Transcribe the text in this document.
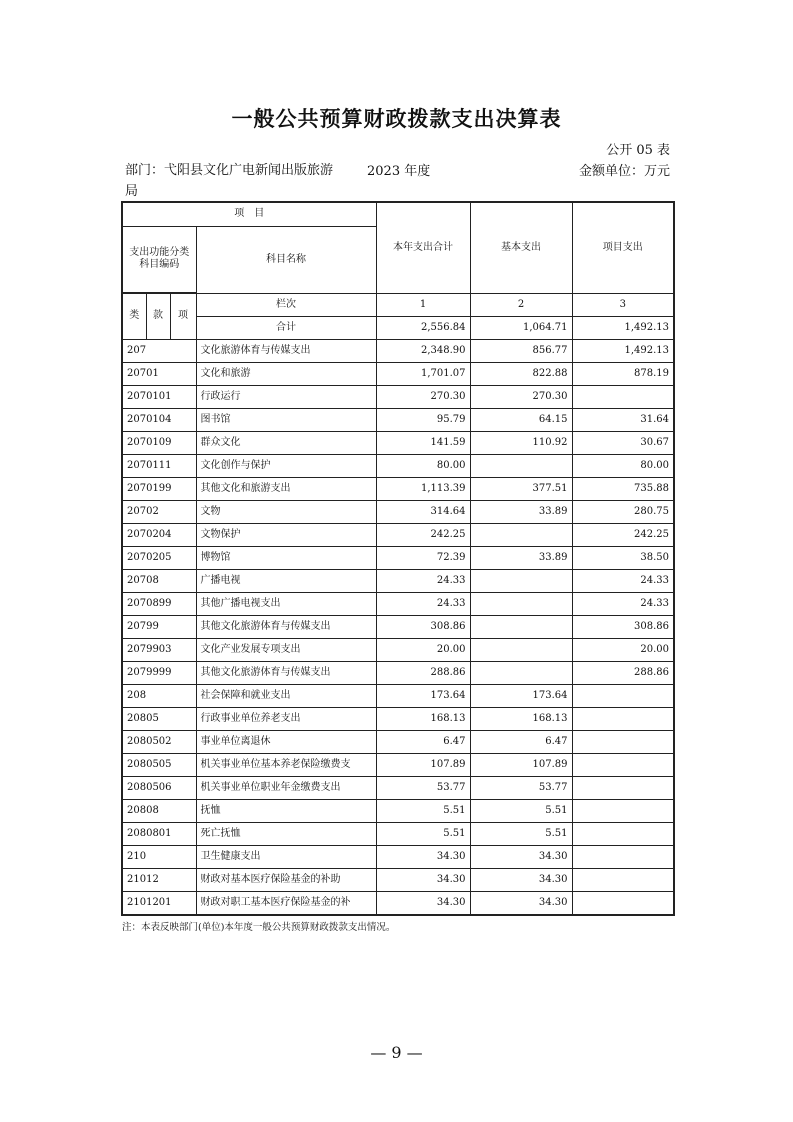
一般公共预算财政拨款支出决算表
公开 05 表
部门：弋阳县文化广电新闻出版旅游局
2023 年度	金额单位：万元
项　目				本年支出合计	基本支出	项目支出
支出功能分类科目编码			科目名称			

类	款	项	栏次	1	2	3
			合计	2,556.84	1,064.71	1,492.13
207			文化旅游体育与传媒支出	2,348.90	856.77	1,492.13
20701			文化和旅游	1,701.07	822.88	878.19
2070101			行政运行	270.30	270.30	
2070104			图书馆	95.79	64.15	31.64
2070109			群众文化	141.59	110.92	30.67
2070111			文化创作与保护	80.00		80.00
2070199			其他文化和旅游支出	1,113.39	377.51	735.88
20702			文物	314.64	33.89	280.75
2070204			文物保护	242.25		242.25
2070205			博物馆	72.39	33.89	38.50
20708			广播电视	24.33		24.33
2070899			其他广播电视支出	24.33		24.33
20799			其他文化旅游体育与传媒支出	308.86		308.86
2079903			文化产业发展专项支出	20.00		20.00
2079999			其他文化旅游体育与传媒支出	288.86		288.86
208			社会保障和就业支出	173.64	173.64	
20805			行政事业单位养老支出	168.13	168.13	
2080502			事业单位离退休	6.47	6.47	
2080505			机关事业单位基本养老保险缴费支	107.89	107.89	
2080506			机关事业单位职业年金缴费支出	53.77	53.77	
20808			抚恤	5.51	5.51	
2080801			死亡抚恤	5.51	5.51	
210			卫生健康支出	34.30	34.30	
21012			财政对基本医疗保险基金的补助	34.30	34.30	
2101201			财政对职工基本医疗保险基金的补	34.30	34.30	
注：本表反映部门(单位)本年度一般公共预算财政拨款支出情况。
— 9 —
